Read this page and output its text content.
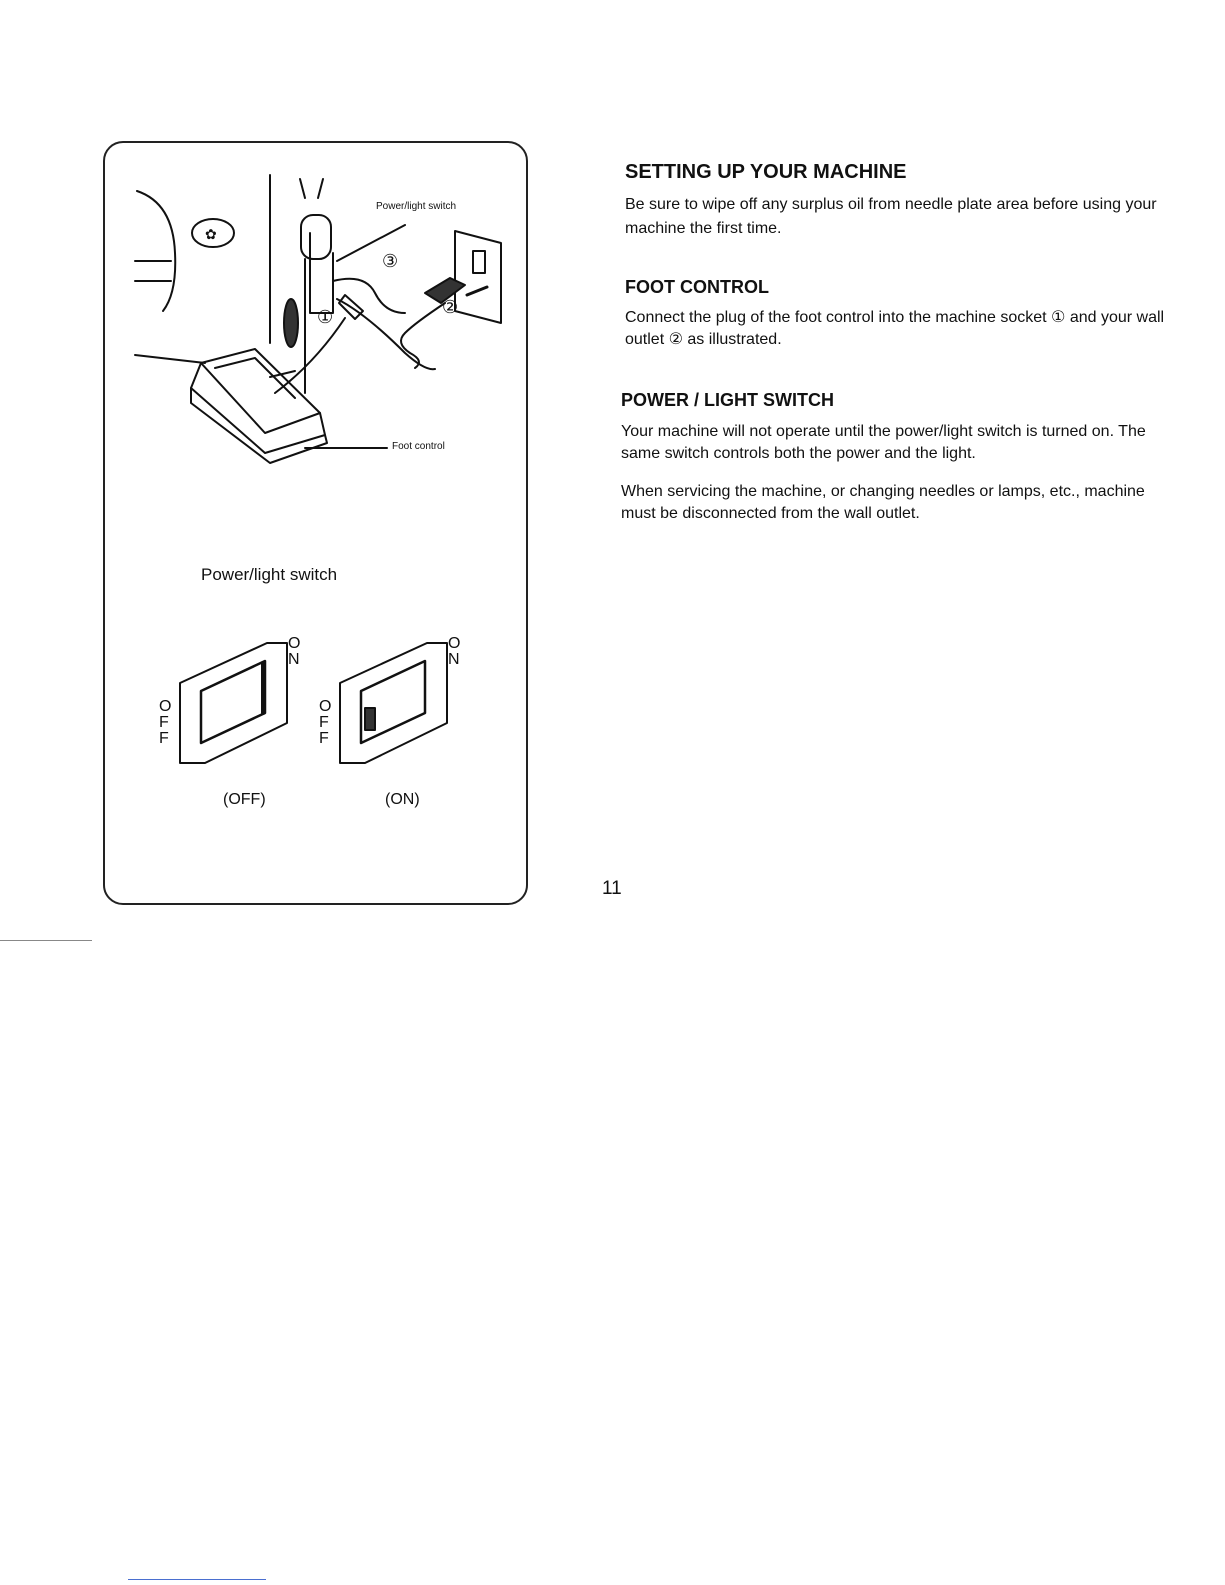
✿
Power/light switch
Foot control
①	②
③
Power/light switch
ON
OFF
ON
OFF
(OFF)	(ON)
SETTING UP YOUR MACHINE

Be sure to wipe off any surplus oil from needle plate area before using your machine the first time.

FOOT CONTROL

Connect the plug of the foot control into the machine socket ① and your wall outlet ② as illustrated.

POWER / LIGHT SWITCH

Your machine will not operate until the power/light switch is turned on. The same switch controls both the power and the light.

When servicing the machine, or changing needles or lamps, etc., machine must be disconnected from the wall outlet.

11
